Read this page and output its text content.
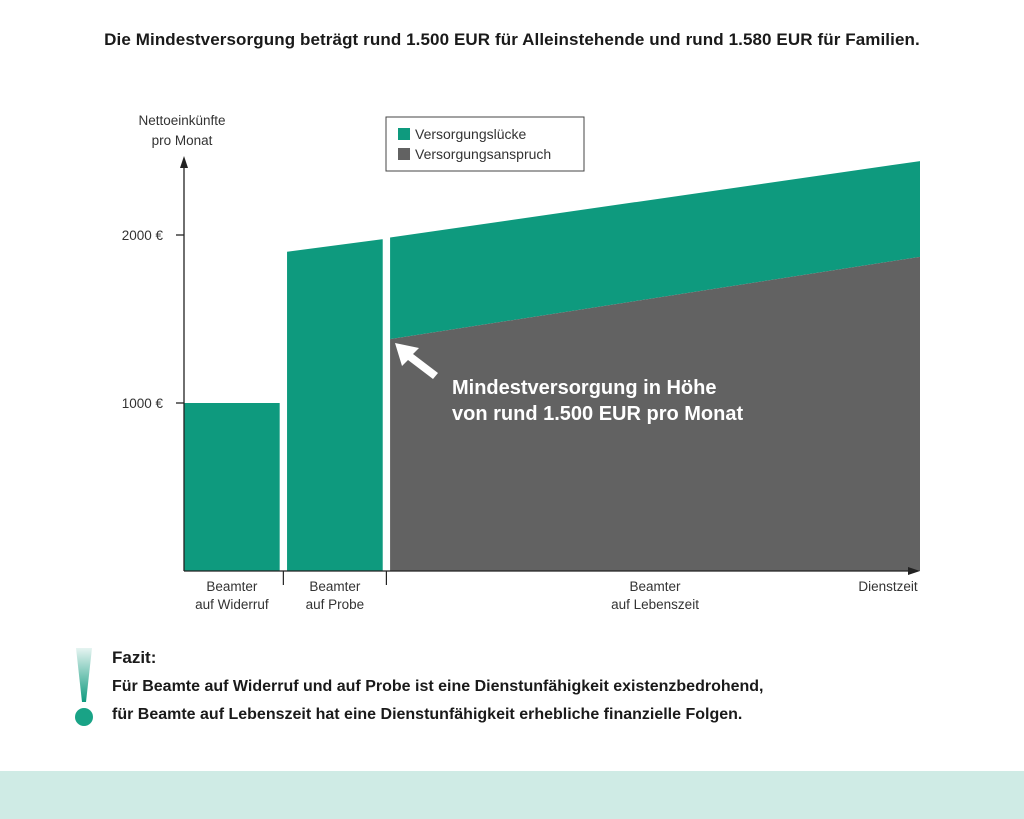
Die Mindestversorgung beträgt rund 1.500 EUR für Alleinstehende und rund 1.580 EUR für Familien.
1000 €
2000 €
Nettoeinkünfte
pro Monat
Beamter
auf Widerruf
Beamter
auf Probe
Beamter
auf Lebenszeit
Dienstzeit
Versorgungslücke
Versorgungsanspruch
Mindestversorgung in Höhe
von rund 1.500 EUR pro Monat
Fazit:
Für Beamte auf Widerruf und auf Probe ist eine Dienstunfähigkeit existenzbedrohend,
für Beamte auf Lebenszeit hat eine Dienstunfähigkeit erhebliche finanzielle Folgen.
